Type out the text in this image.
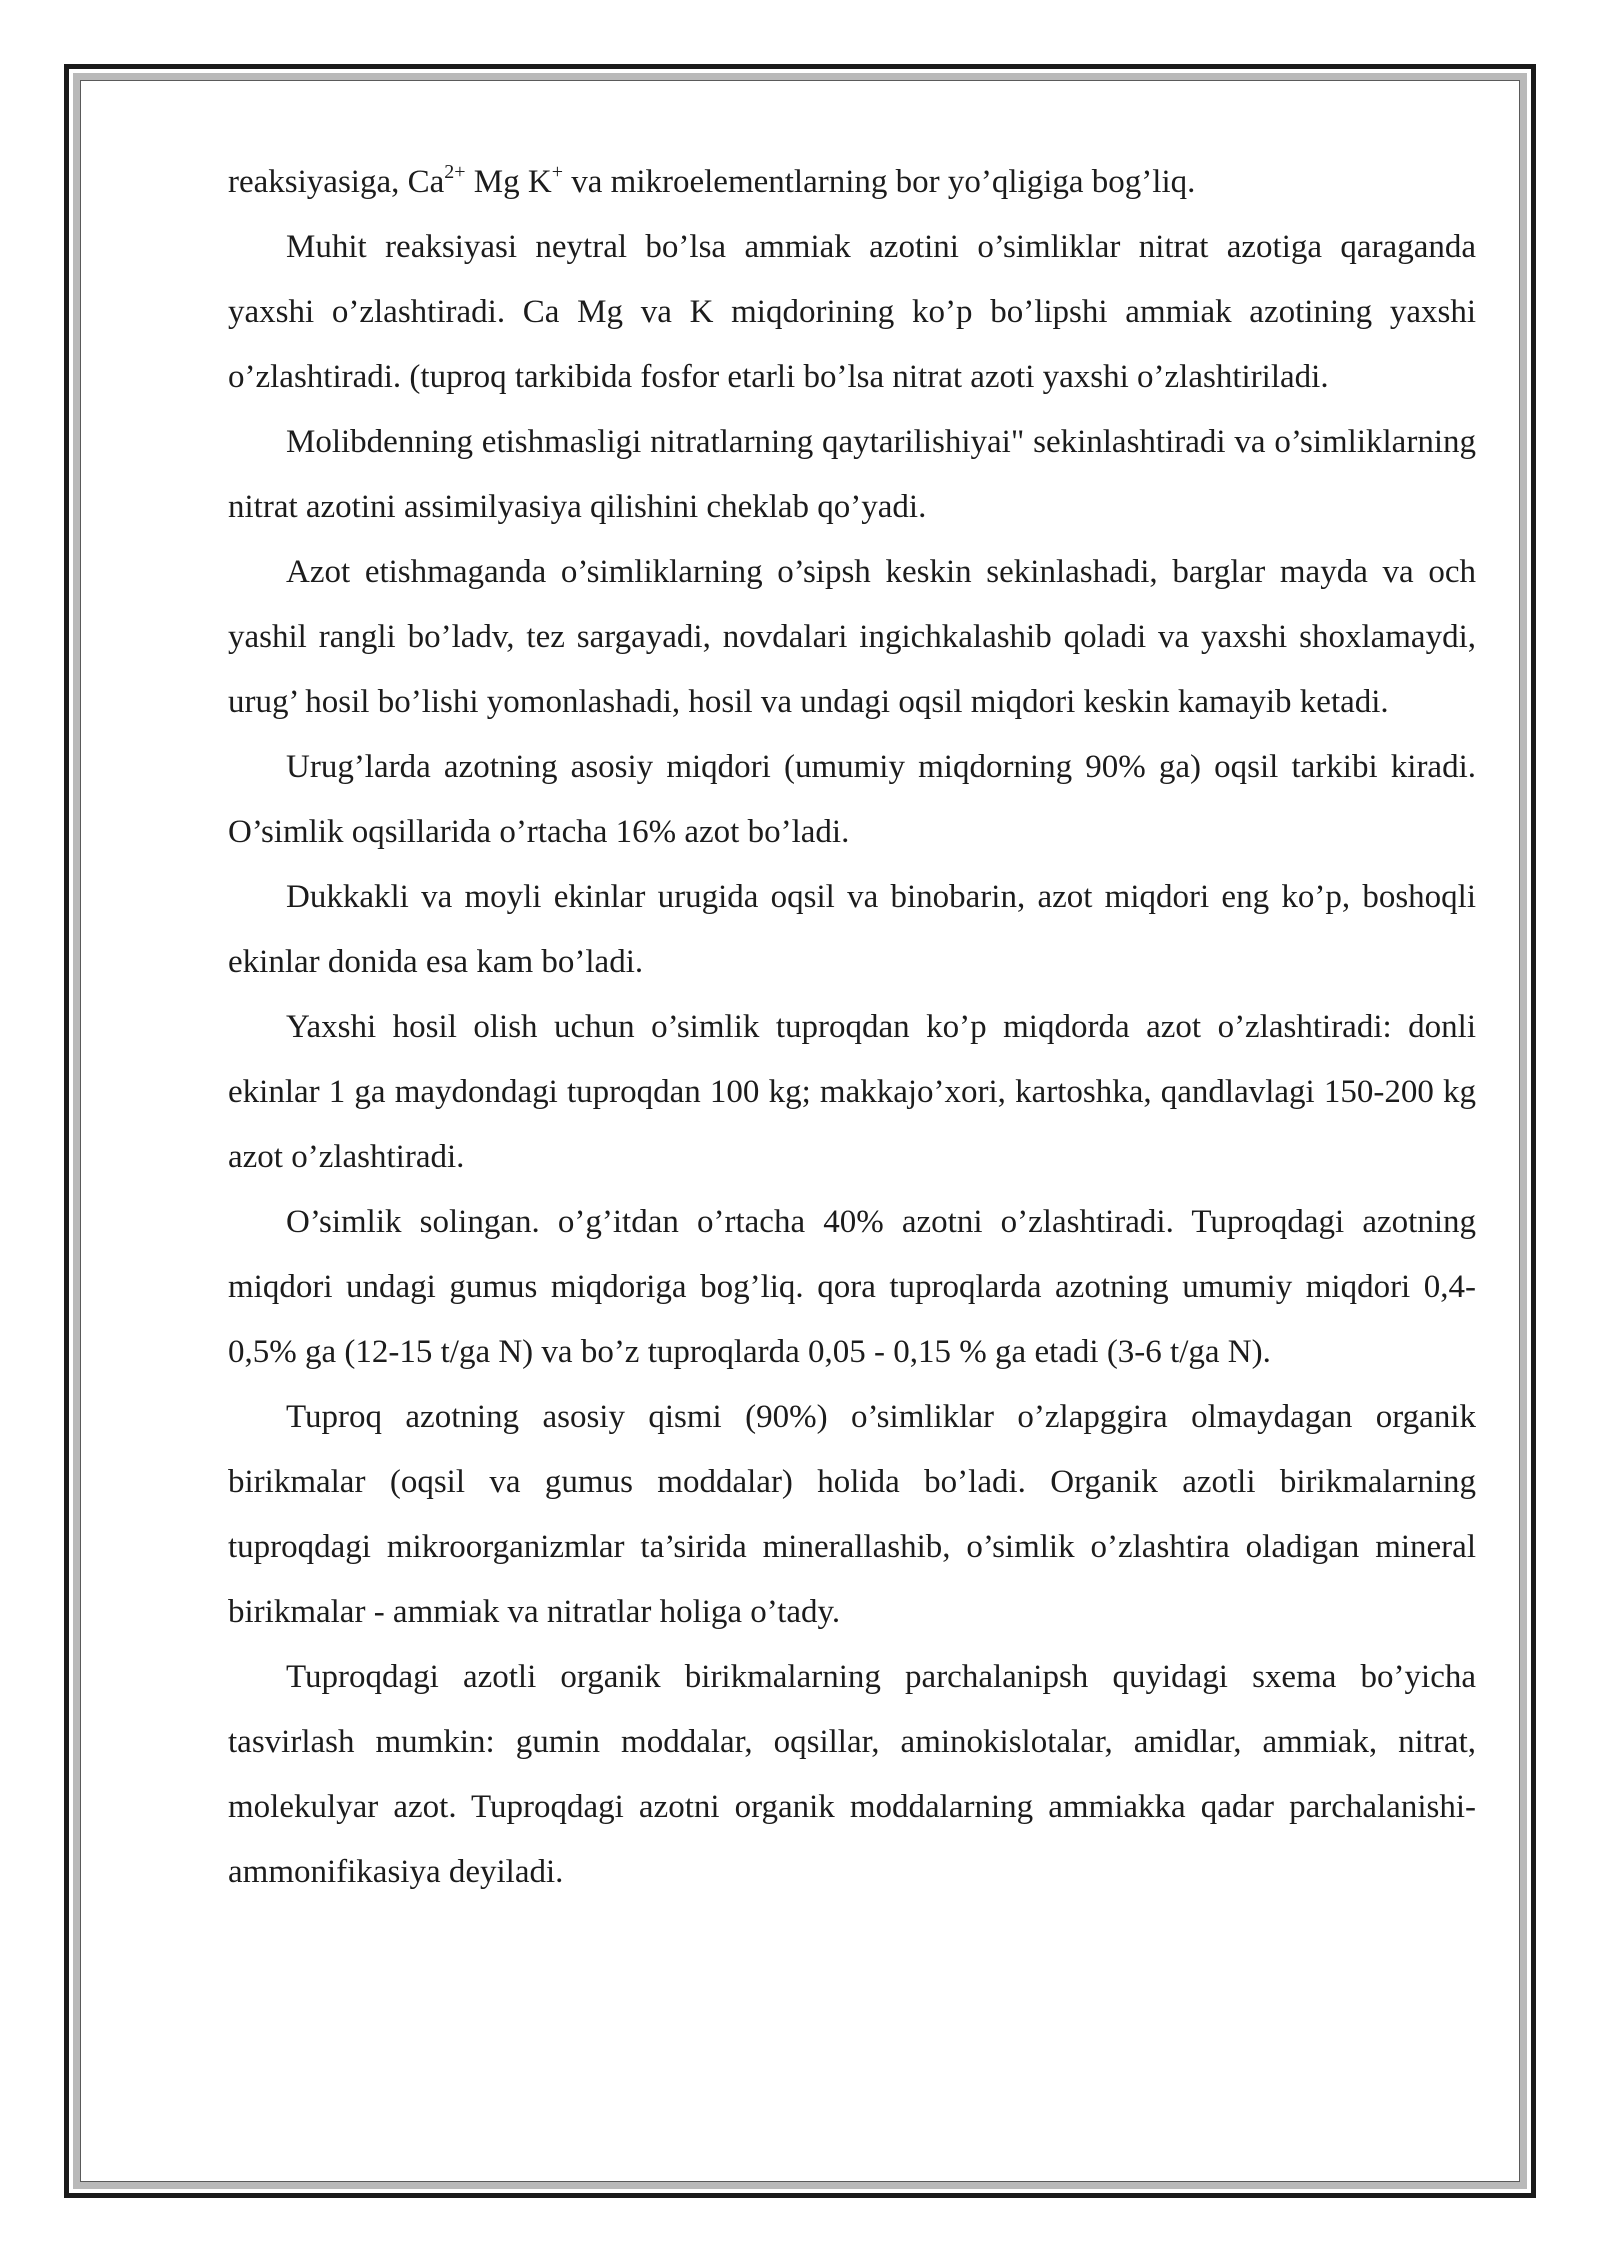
reaksiyasiga, $Ca^{2+}$ Mg K+ va mikroelementlarning bor yo’qligiga bog’liq.

Muhit reaksiyasi neytral bo’lsa ammiak azotini o’simliklar nitrat azotiga qaraganda yaxshi o’zlashtiradi. Ca Mg va K miqdorining ko’p bo’lipshi ammiak azotining yaxshi o’zlashtiradi. (tuproq tarkibida fosfor etarli bo’lsa nitrat azoti yaxshi o’zlashtiriladi.

Molibdenning etishmasligi nitratlarning qaytarilishiyai" sekinlashtiradi va o’simliklarning nitrat azotini assimilyasiya qilishini cheklab qo’yadi.

Azot etishmaganda o’simliklarning o’sipsh keskin sekinlashadi, barglar mayda va och yashil rangli bo’ladv, tez sargayadi, novdalari ingichkalashib qoladi va yaxshi shoxlamaydi, urug’ hosil bo’lishi yomonlashadi, hosil va undagi oqsil miqdori keskin kamayib ketadi.

Urug’larda azotning asosiy miqdori (umumiy miqdorning 90% ga) oqsil tarkibi kiradi. O’simlik oqsillarida o’rtacha 16% azot bo’ladi.

Dukkakli va moyli ekinlar urugida oqsil va binobarin, azot miqdori eng ko’p, boshoqli ekinlar donida esa kam bo’ladi.

Yaxshi hosil olish uchun o’simlik tuproqdan ko’p miqdorda azot o’zlashtiradi: donli ekinlar 1 ga maydondagi tuproqdan 100 kg; makkajo’xori, kartoshka, qandlavlagi 150-200 kg azot o’zlashtiradi.

O’simlik solingan. o’g’itdan o’rtacha 40% azotni o’zlashtiradi. Tuproqdagi azotning miqdori undagi gumus miqdoriga bog’liq. qora tuproqlarda azotning umumiy miqdori 0,4-0,5% ga (12-15 t/ga N) va bo’z tuproqlarda 0,05 - 0,15 % ga etadi (3-6 t/ga N).

Tuproq azotning asosiy qismi (90%) o’simliklar o’zlapggira olmaydagan organik birikmalar (oqsil va gumus moddalar) holida bo’ladi. Organik azotli birikmalarning tuproqdagi mikroorganizmlar ta’sirida minerallashib, o’simlik o’zlashtira oladigan mineral birikmalar - ammiak va nitratlar holiga o’tady.

Tuproqdagi azotli organik birikmalarning parchalanipsh quyidagi sxema bo’yicha tasvirlash mumkin: gumin moddalar, oqsillar, aminokislotalar, amidlar, ammiak, nitrat, molekulyar azot. Tuproqdagi azotni organik moddalarning ammiakka qadar parchalanishi- ammonifikasiya deyiladi.
